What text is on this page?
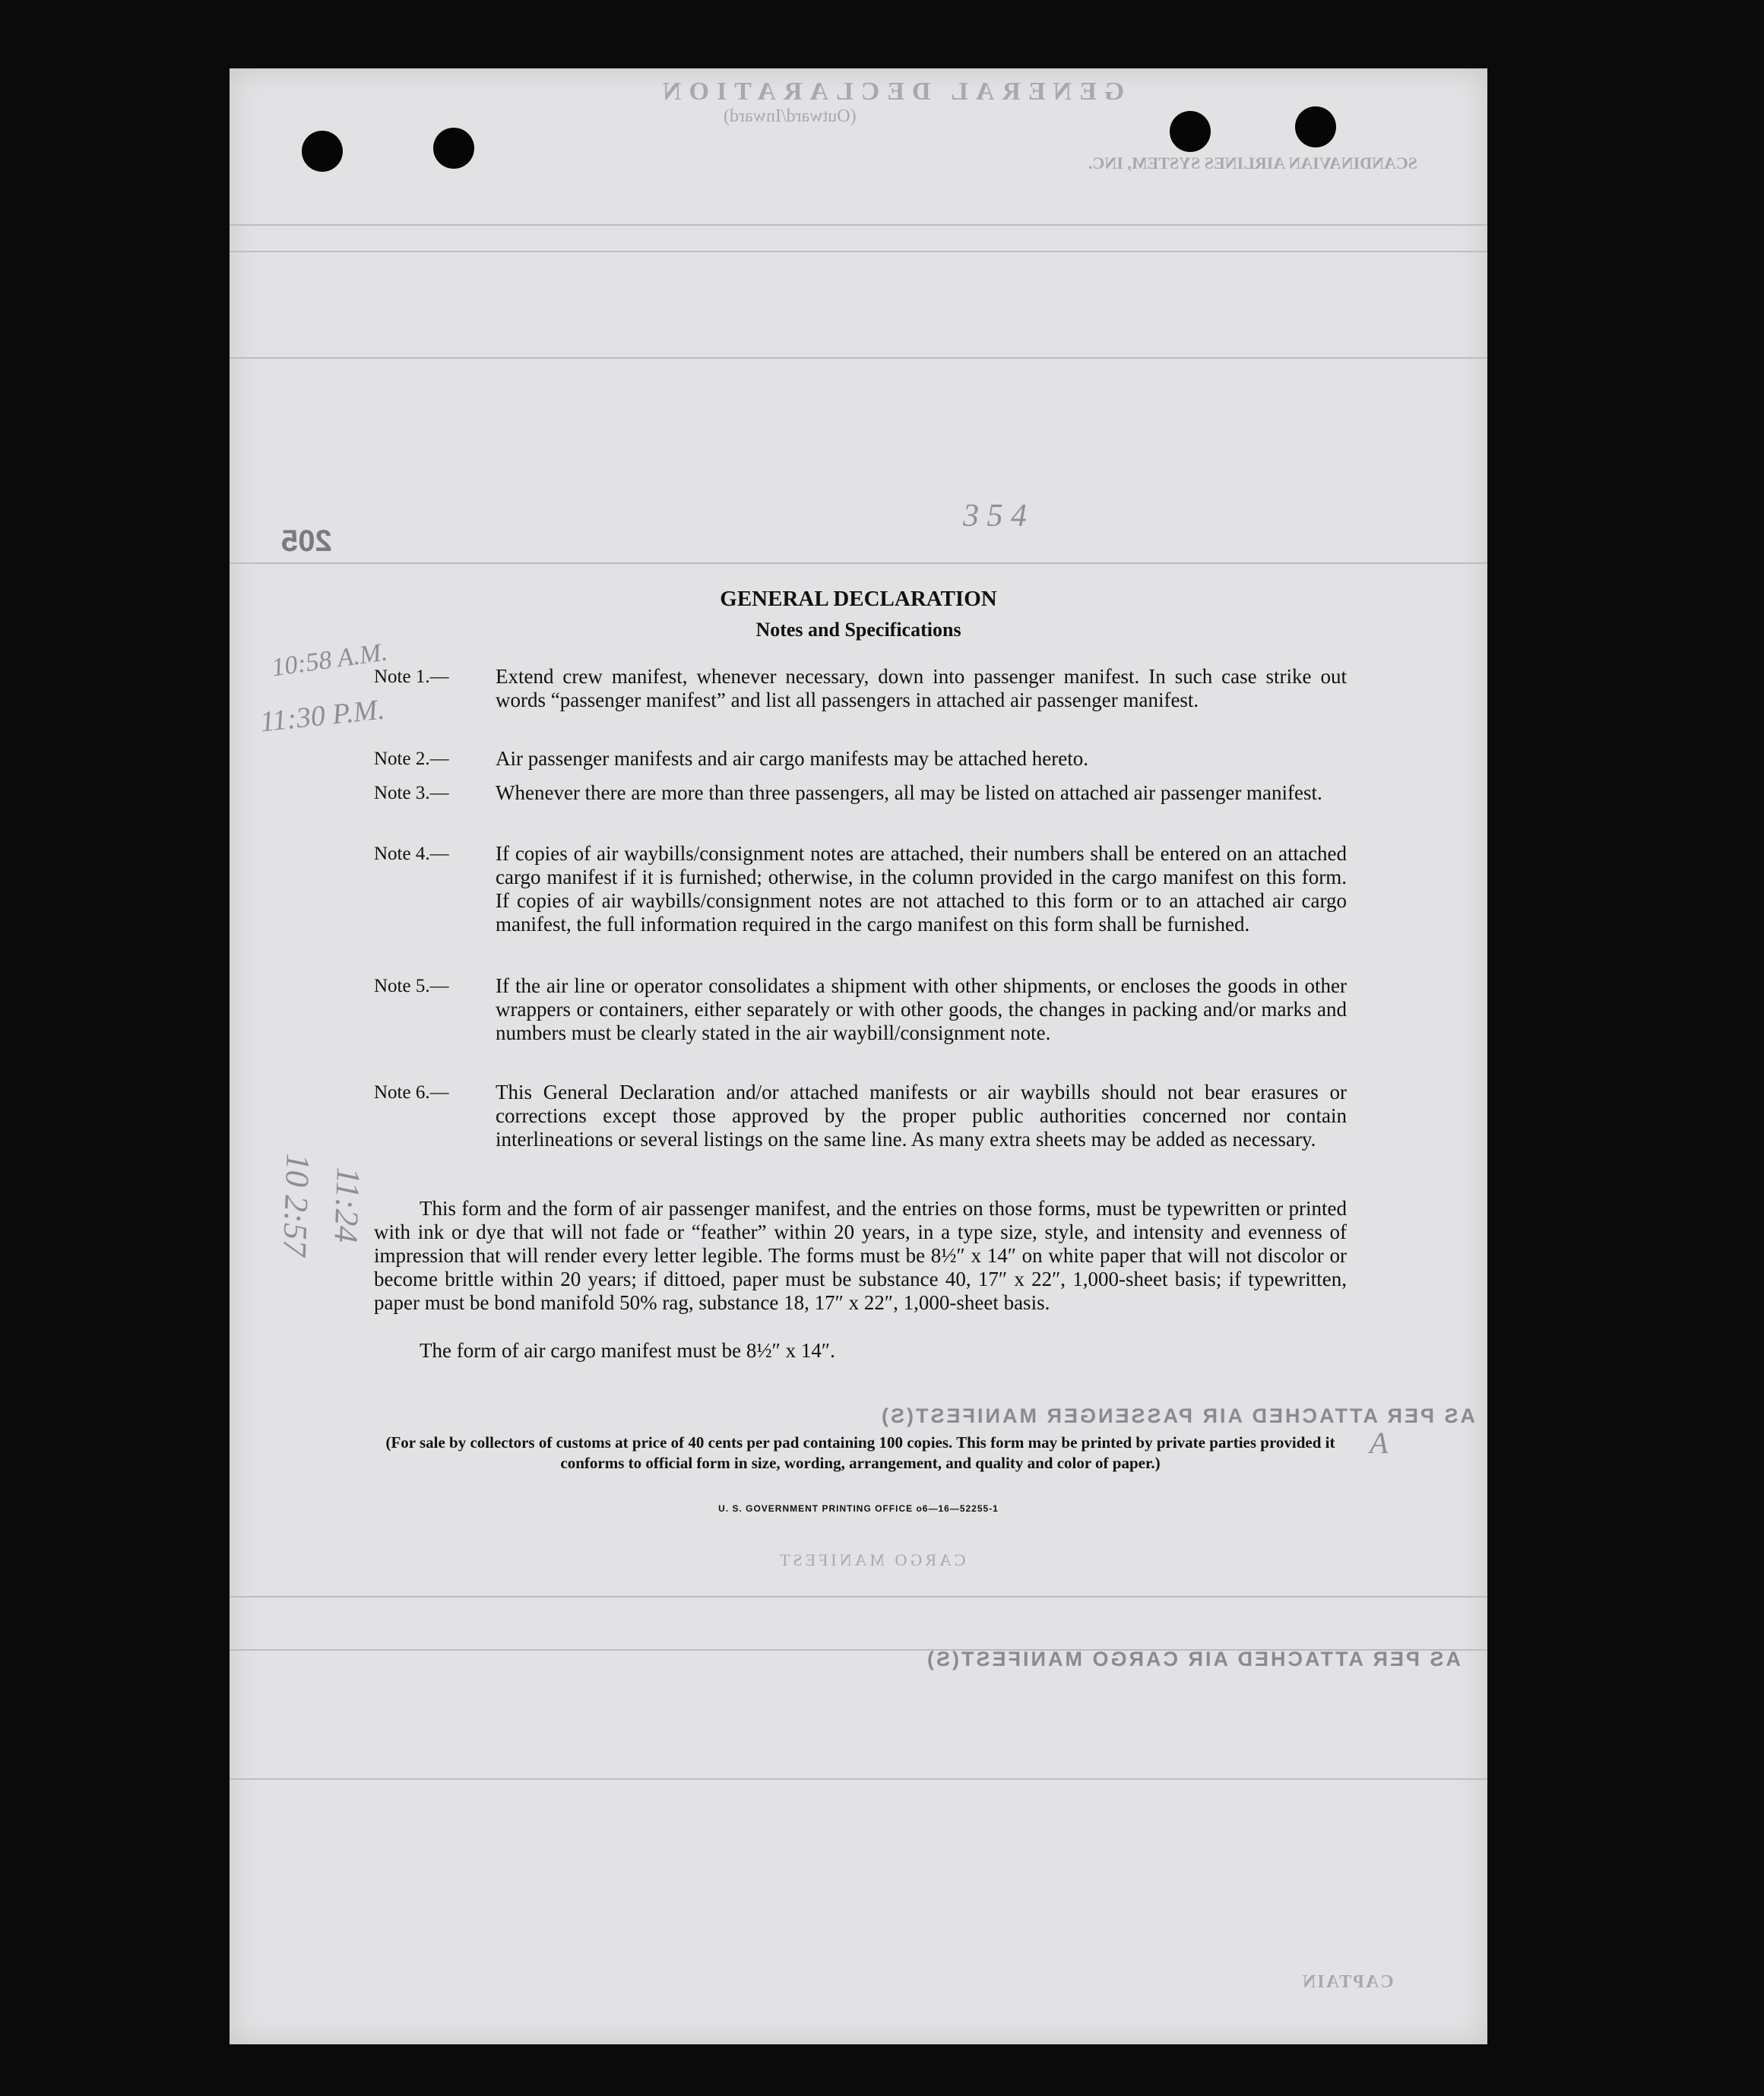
GENERAL DECLARATION
(Outward/Inward)
SCANDINAVIAN AIRLINES SYSTEM, INC.
205
CARGO MANIFEST
AS PER ATTACHED AIR PASSENGER MANIFEST(S)
AS PER ATTACHED AIR CARGO MANIFEST(S)
CAPTAIN
10:58 A.M.
11:30 P.M.
10 2:57 11:24
3 5 4
A
GENERAL DECLARATION
Notes and Specifications
Note 1.—	Extend crew manifest, whenever necessary, down into passenger manifest. In such case strike out words “passenger manifest” and list all passengers in attached air passenger manifest.
Note 2.—	Air passenger manifests and air cargo manifests may be attached hereto.
Note 3.—	Whenever there are more than three passengers, all may be listed on attached air passenger manifest.
Note 4.—	If copies of air waybills/consignment notes are attached, their numbers shall be entered on an attached cargo manifest if it is furnished; otherwise, in the column provided in the cargo manifest on this form. If copies of air waybills/consignment notes are not attached to this form or to an attached air cargo manifest, the full information required in the cargo manifest on this form shall be furnished.
Note 5.—	If the air line or operator consolidates a shipment with other shipments, or encloses the goods in other wrappers or containers, either separately or with other goods, the changes in packing and/or marks and numbers must be clearly stated in the air waybill/consignment note.
Note 6.—	This General Declaration and/or attached manifests or air waybills should not bear erasures or corrections except those approved by the proper public authorities concerned nor contain interlineations or several listings on the same line. As many extra sheets may be added as necessary.
This form and the form of air passenger manifest, and the entries on those forms, must be typewritten or printed with ink or dye that will not fade or “feather” within 20 years, in a type size, style, and intensity and evenness of impression that will render every letter legible. The forms must be 8½″ x 14″ on white paper that will not discolor or become brittle within 20 years; if dittoed, paper must be substance 40, 17″ x 22″, 1,000-sheet basis; if typewritten, paper must be bond manifold 50% rag, substance 18, 17″ x 22″, 1,000-sheet basis.
The form of air cargo manifest must be 8½″ x 14″.
(For sale by collectors of customs at price of 40 cents per pad containing 100 copies. This form may be printed by private parties provided it conforms to official form in size, wording, arrangement, and quality and color of paper.)
U. S. GOVERNMENT PRINTING OFFICE o6—16—52255-1
